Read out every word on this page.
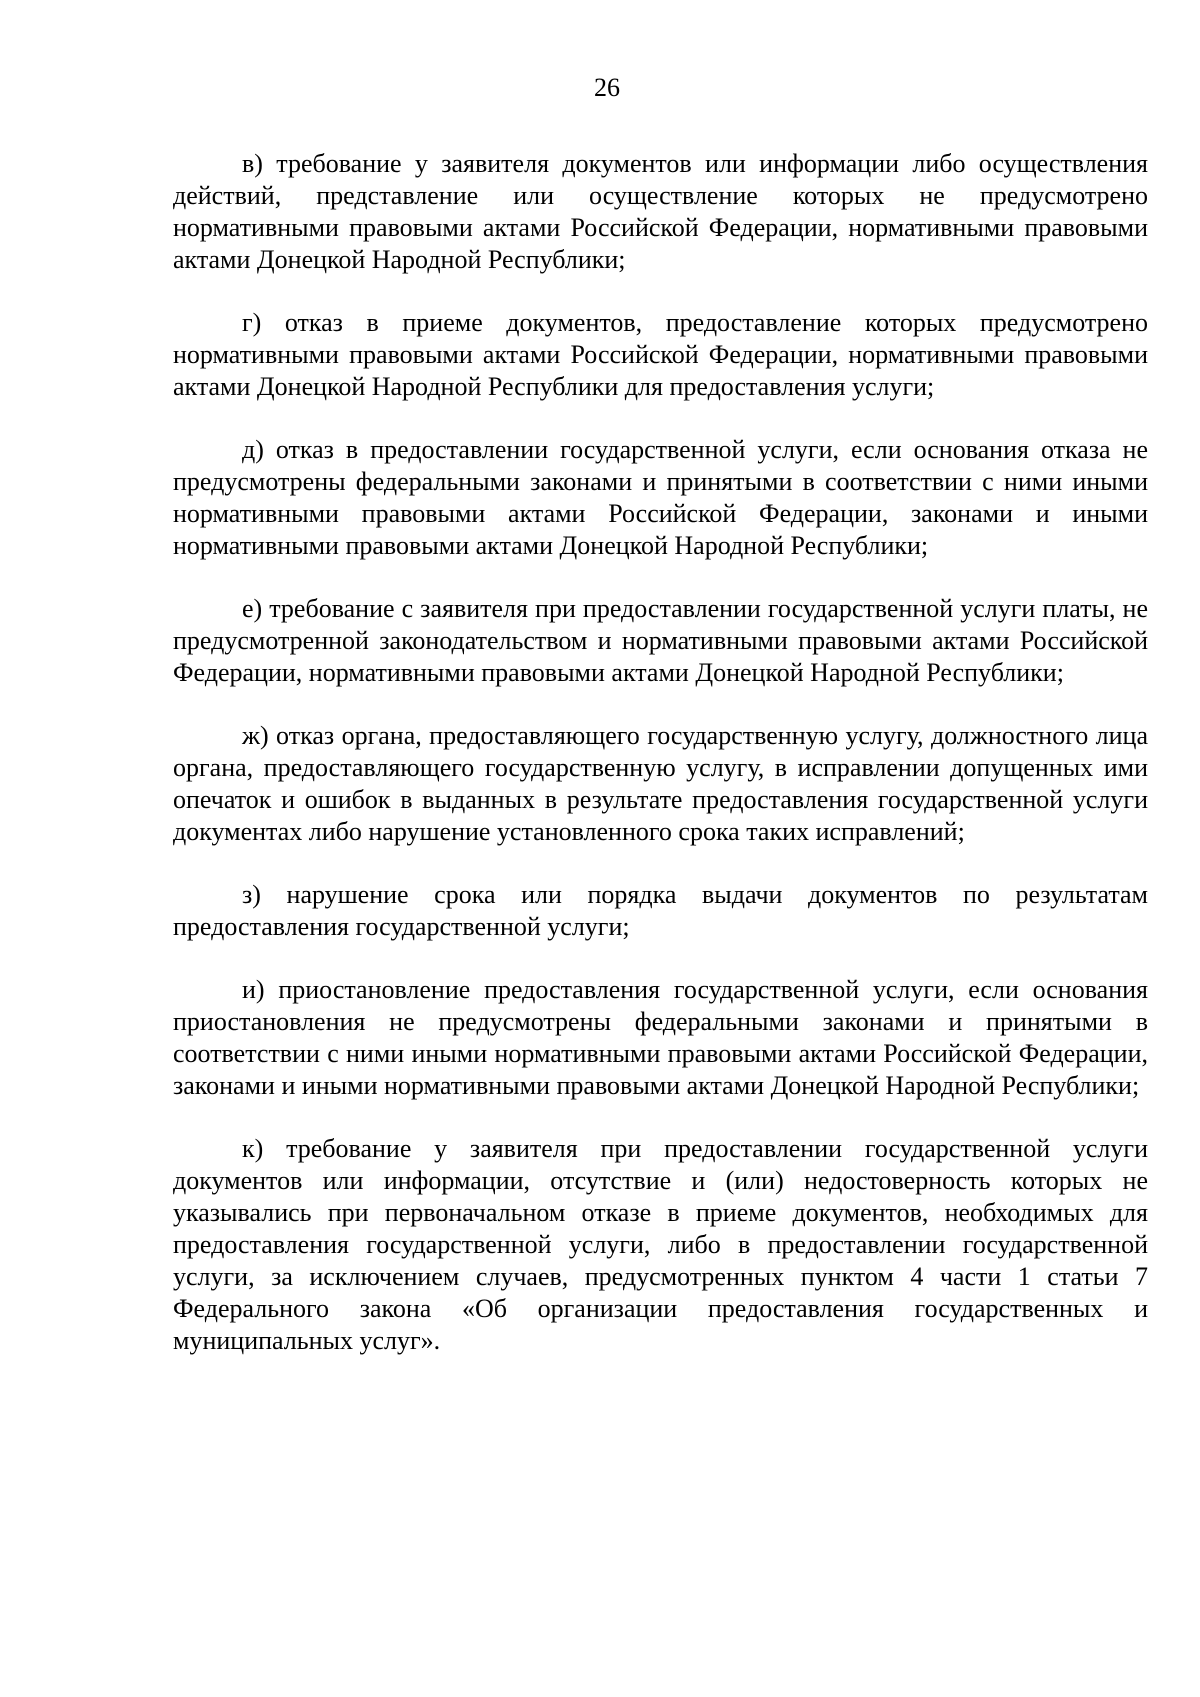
26

в) требование у заявителя документов или информации либо осуществления действий, представление или осуществление которых не предусмотрено нормативными правовыми актами Российской Федерации, нормативными правовыми актами Донецкой Народной Республики;

г) отказ в приеме документов, предоставление которых предусмотрено нормативными правовыми актами Российской Федерации, нормативными правовыми актами Донецкой Народной Республики для предоставления услуги;

д) отказ в предоставлении государственной услуги, если основания отказа не предусмотрены федеральными законами и принятыми в соответствии с ними иными нормативными правовыми актами Российской Федерации, законами и иными нормативными правовыми актами Донецкой Народной Республики;

е) требование с заявителя при предоставлении государственной услуги платы, не предусмотренной законодательством и нормативными правовыми актами Российской Федерации, нормативными правовыми актами Донецкой Народной Республики;

ж) отказ органа, предоставляющего государственную услугу, должностного лица органа, предоставляющего государственную услугу, в исправлении допущенных ими опечаток и ошибок в выданных в результате предоставления государственной услуги документах либо нарушение установленного срока таких исправлений;

з) нарушение срока или порядка выдачи документов по результатам предоставления государственной услуги;

и) приостановление предоставления государственной услуги, если основания приостановления не предусмотрены федеральными законами и принятыми в соответствии с ними иными нормативными правовыми актами Российской Федерации, законами и иными нормативными правовыми актами Донецкой Народной Республики;

к) требование у заявителя при предоставлении государственной услуги документов или информации, отсутствие и (или) недостоверность которых не указывались при первоначальном отказе в приеме документов, необходимых для предоставления государственной услуги, либо в предоставлении государственной услуги, за исключением случаев, предусмотренных пунктом 4 части 1 статьи 7 Федерального закона «Об организации предоставления государственных и муниципальных услуг».
